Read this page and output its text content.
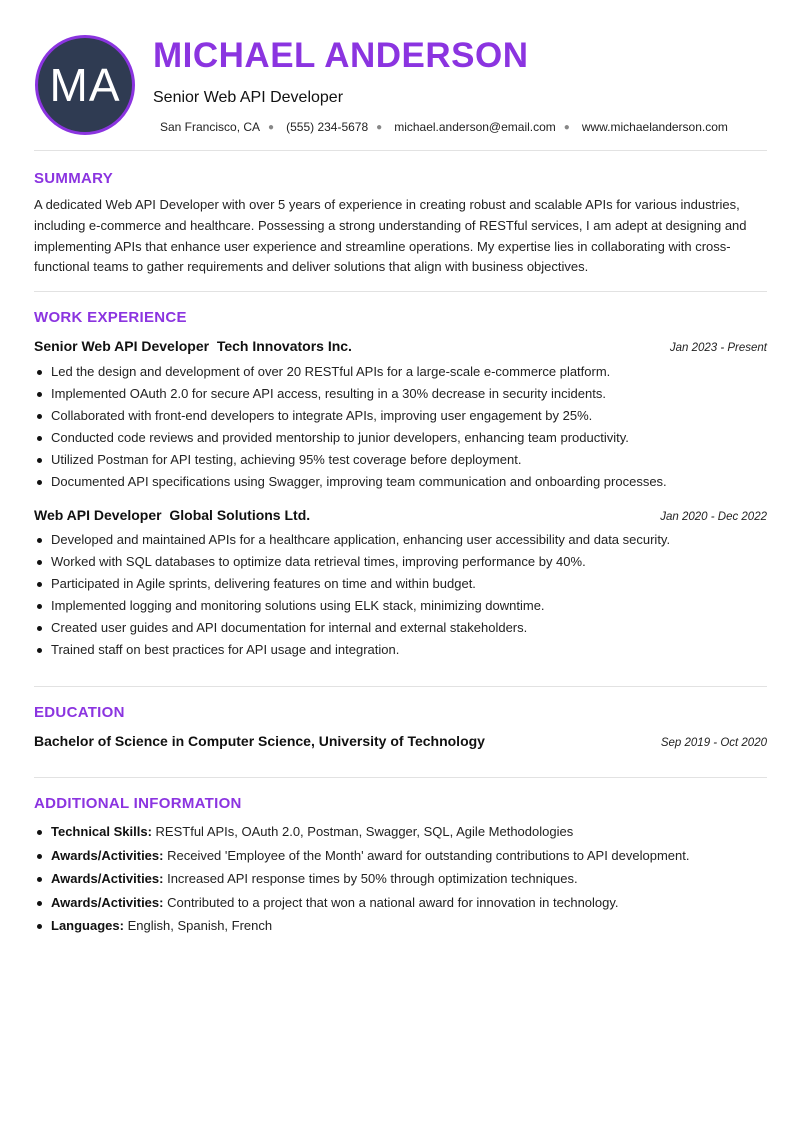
MA
MICHAEL ANDERSON
Senior Web API Developer
San Francisco, CA ● (555) 234-5678 ● michael.anderson@email.com ● www.michaelanderson.com
SUMMARY

A dedicated Web API Developer with over 5 years of experience in creating robust and scalable APIs for various industries, including e-commerce and healthcare. Possessing a strong understanding of RESTful services, I am adept at designing and implementing APIs that enhance user experience and streamline operations. My expertise lies in collaborating with cross-functional teams to gather requirements and deliver solutions that align with business objectives.

WORK EXPERIENCE
Senior Web API Developer Tech Innovators Inc.	Jan 2023 - Present
Led the design and development of over 20 RESTful APIs for a large-scale e-commerce platform.
Implemented OAuth 2.0 for secure API access, resulting in a 30% decrease in security incidents.
Collaborated with front-end developers to integrate APIs, improving user engagement by 25%.
Conducted code reviews and provided mentorship to junior developers, enhancing team productivity.
Utilized Postman for API testing, achieving 95% test coverage before deployment.
Documented API specifications using Swagger, improving team communication and onboarding processes.
Web API Developer Global Solutions Ltd.	Jan 2020 - Dec 2022
Developed and maintained APIs for a healthcare application, enhancing user accessibility and data security.
Worked with SQL databases to optimize data retrieval times, improving performance by 40%.
Participated in Agile sprints, delivering features on time and within budget.
Implemented logging and monitoring solutions using ELK stack, minimizing downtime.
Created user guides and API documentation for internal and external stakeholders.
Trained staff on best practices for API usage and integration.
EDUCATION
Bachelor of Science in Computer Science, University of Technology	Sep 2019 - Oct 2020
ADDITIONAL INFORMATION
Technical Skills: RESTful APIs, OAuth 2.0, Postman, Swagger, SQL, Agile Methodologies
Awards/Activities: Received 'Employee of the Month' award for outstanding contributions to API development.
Awards/Activities: Increased API response times by 50% through optimization techniques.
Awards/Activities: Contributed to a project that won a national award for innovation in technology.
Languages: English, Spanish, French
